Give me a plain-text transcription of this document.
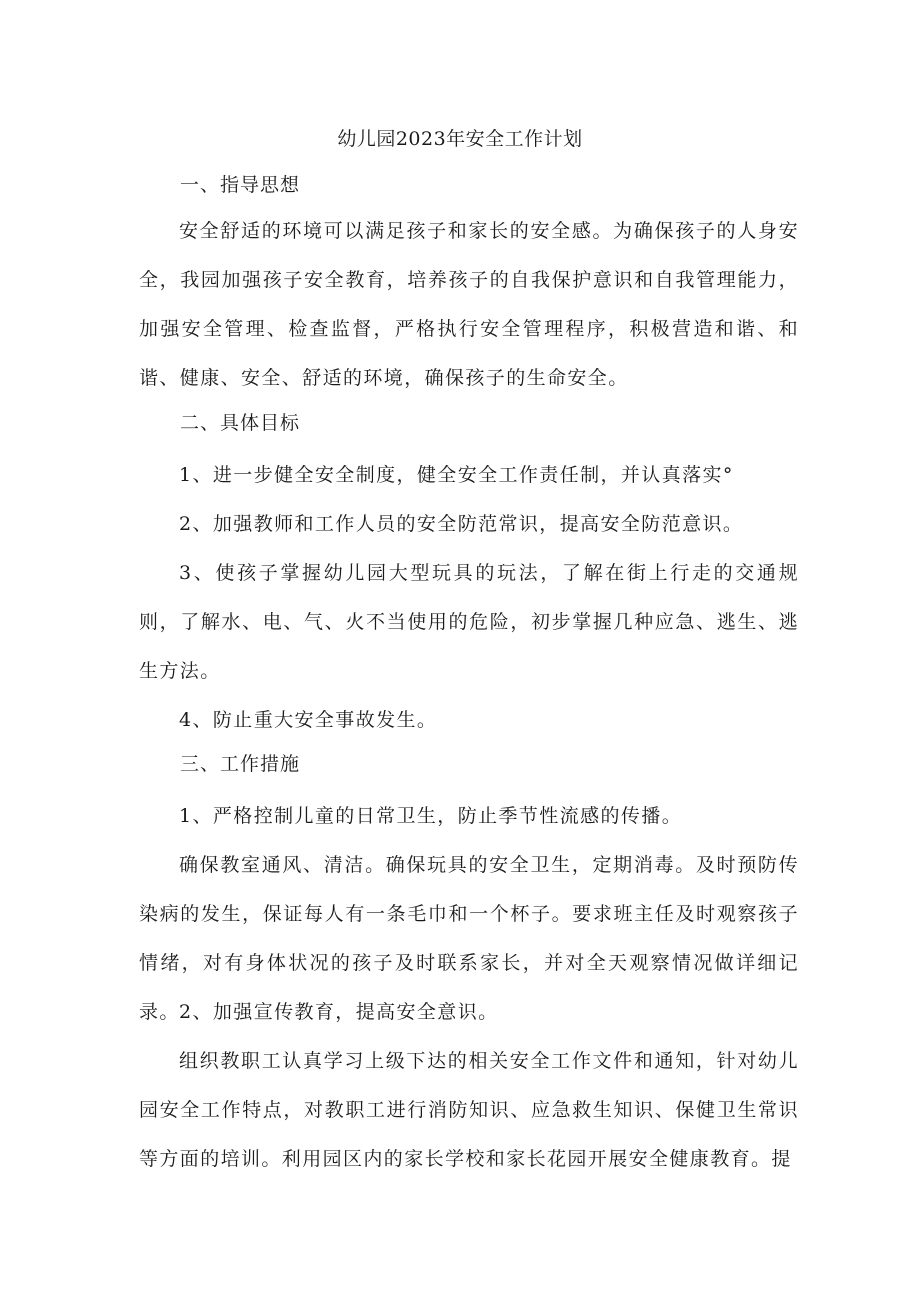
幼儿园2023年安全工作计划
一、指导思想

安全舒适的环境可以满足孩子和家长的安全感。为确保孩子的人身安全，我园加强孩子安全教育，培养孩子的自我保护意识和自我管理能力，加强安全管理、检查监督，严格执行安全管理程序，积极营造和谐、和谐、健康、安全、舒适的环境，确保孩子的生命安全。

二、具体目标

1、进一步健全安全制度，健全安全工作责任制，并认真落实°

2、加强教师和工作人员的安全防范常识，提高安全防范意识。

3、使孩子掌握幼儿园大型玩具的玩法，了解在街上行走的交通规则，了解水、电、气、火不当使用的危险，初步掌握几种应急、逃生、逃生方法。

4、防止重大安全事故发生。

三、工作措施

1、严格控制儿童的日常卫生，防止季节性流感的传播。

确保教室通风、清洁。确保玩具的安全卫生，定期消毒。及时预防传染病的发生，保证每人有一条毛巾和一个杯子。要求班主任及时观察孩子情绪，对有身体状况的孩子及时联系家长，并对全天观察情况做详细记录。 2、加强宣传教育，提高安全意识。

组织教职工认真学习上级下达的相关安全工作文件和通知，针对幼儿园安全工作特点，对教职工进行消防知识、应急救生知识、保健卫生常识等方面的培训。利用园区内的家长学校和家长花园开展安全健康教育。提
